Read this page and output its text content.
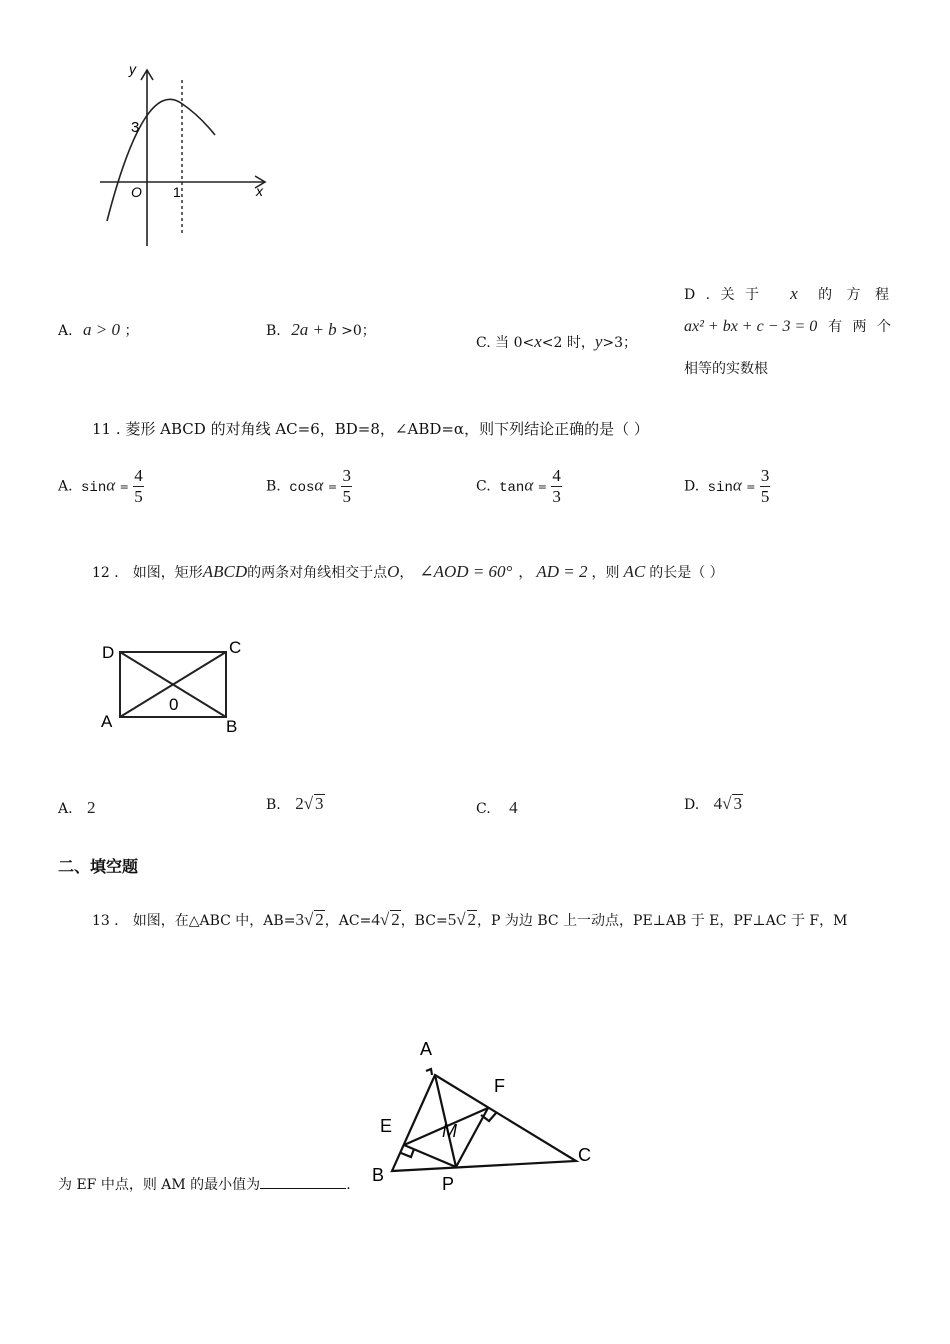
y
x
O
3
1
A. a > 0 ；	B. 2a + b >0；
C. 当 0<x<2 时，y>3；
D . 关 于 x 的 方 程
ax² + bx + c − 3 = 0 有 两 个
相等的实数根
11 . 菱形 ABCD 的对角线 AC=6，BD=8，∠ABD=α，则下列结论正确的是（ ）
A. $\sin\alpha = \frac{4}{5}$	B. $\cos\alpha = \frac{3}{5}$	C. $\tan\alpha = \frac{4}{3}$	D. $\sin\alpha = \frac{3}{5}$
12 ． 如图，矩形ABCD的两条对角线相交于点O， ∠AOD = 60° ， AD = 2 ，则 AC 的长是（ ）
D	C
A	B
0
A. 2	B. 2√ 3	C. 4	D. 4√ 3
二、填空题
13 ． 如图，在△ABC 中，AB=3√ 2，AC=4√ 2，BC=5√ 2，P 为边 BC 上一动点，PE⊥AB 于 E，PF⊥AC 于 F，M
A
F
E	M
C
B	P
为 EF 中点，则 AM 的最小值为	.
